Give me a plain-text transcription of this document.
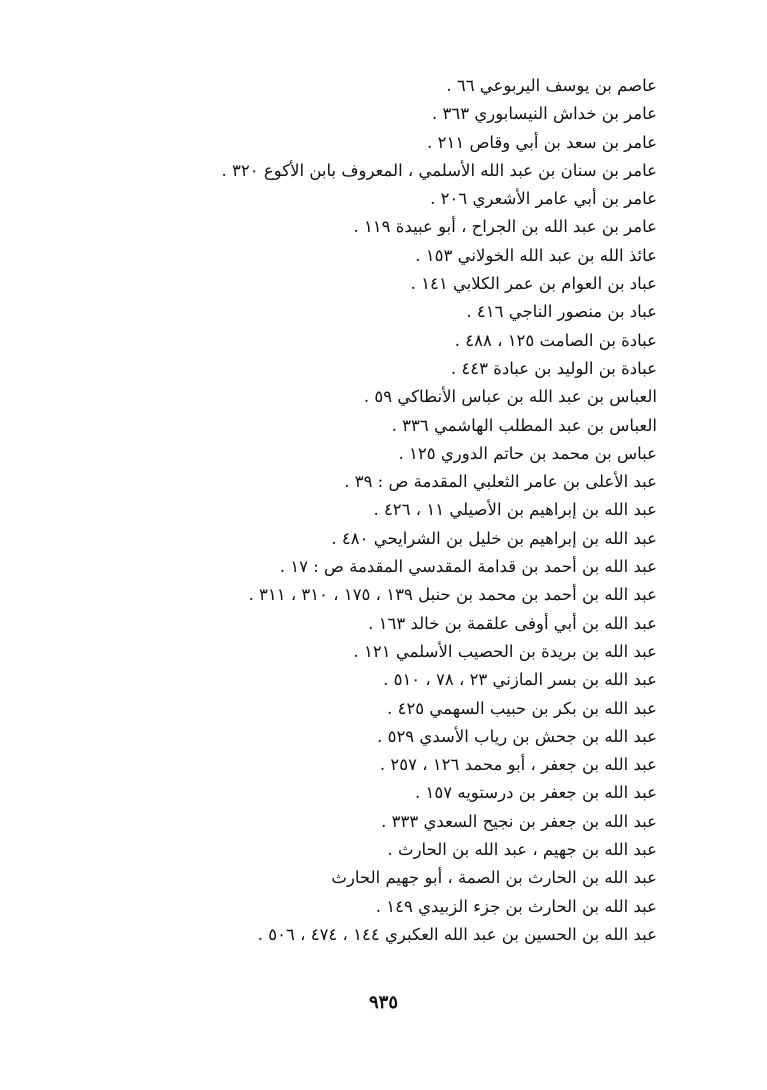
عاصم بن يوسف اليربوعي ٦٦ .
عامر بن خداش النيسابوري ٣٦٣ .
عامر بن سعد بن أبي وقاص ٢١١ .
عامر بن سنان بن عبد الله الأسلمي ، المعروف بابن الأكوع ٣٢٠ .
عامر بن أبي عامر الأشعري ٢٠٦ .
عامر بن عبد الله بن الجراح ، أبو عبيدة ١١٩ .
عائذ الله بن عبد الله الخولاني ١٥٣ .
عباد بن العوام بن عمر الكلابي ١٤١ .
عباد بن منصور الناجي ٤١٦ .
عبادة بن الصامت ١٢٥ ، ٤٨٨ .
عبادة بن الوليد بن عبادة ٤٤٣ .
العباس بن عبد الله بن عباس الأنطاكي ٥٩ .
العباس بن عبد المطلب الهاشمي ٣٣٦ .
عباس بن محمد بن حاتم الدوري ١٢٥ .
عبد الأعلى بن عامر الثعلبي المقدمة ص : ٣٩ .
عبد الله بن إبراهيم بن الأصيلي ١١ ، ٤٢٦ .
عبد الله بن إبراهيم بن خليل بن الشرايحي ٤٨٠ .
عبد الله بن أحمد بن قدامة المقدسي المقدمة ص : ١٧ .
عبد الله بن أحمد بن محمد بن حنبل ١٣٩ ، ١٧٥ ، ٣١٠ ، ٣١١ .
عبد الله بن أبي أوفى علقمة بن خالد ١٦٣ .
عبد الله بن بريدة بن الحصيب الأسلمي ١٢١ .
عبد الله بن بسر المازني ٢٣ ، ٧٨ ، ٥١٠ .
عبد الله بن بكر بن حبيب السهمي ٤٢٥ .
عبد الله بن جحش بن رياب الأسدي ٥٢٩ .
عبد الله بن جعفر ، أبو محمد ١٢٦ ، ٢٥٧ .
عبد الله بن جعفر بن درستويه ١٥٧ .
عبد الله بن جعفر بن نجيح السعدي ٣٣٣ .
عبد الله بن جهيم ، عبد الله بن الحارث .
عبد الله بن الحارث بن الصمة ، أبو جهيم الحارث
عبد الله بن الحارث بن جزء الزبيدي ١٤٩ .
عبد الله بن الحسين بن عبد الله العكبري ١٤٤ ، ٤٧٤ ، ٥٠٦ .
٩٣٥
